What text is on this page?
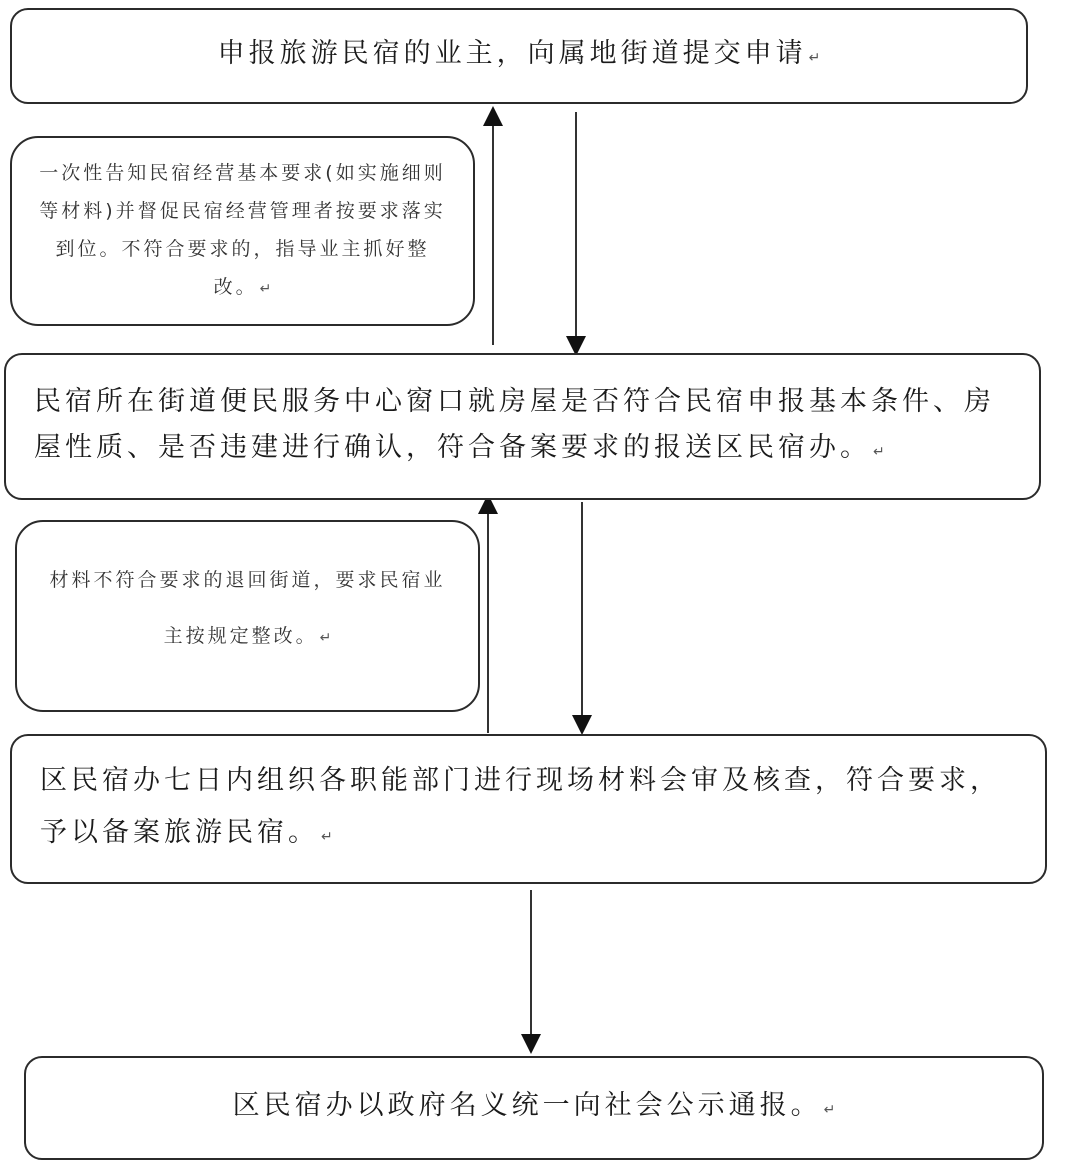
申报旅游民宿的业主，向属地街道提交申请 ↵
一次性告知民宿经营基本要求(如实施细则等材料)并督促民宿经营管理者按要求落实到位。不符合要求的，指导业主抓好整改。 ↵
民宿所在街道便民服务中心窗口就房屋是否符合民宿申报基本条件、房屋性质、是否违建进行确认，符合备案要求的报送区民宿办。 ↵
材料不符合要求的退回街道，要求民宿业主按规定整改。 ↵
区民宿办七日内组织各职能部门进行现场材料会审及核查，符合要求，予以备案旅游民宿。 ↵
区民宿办以政府名义统一向社会公示通报。 ↵
